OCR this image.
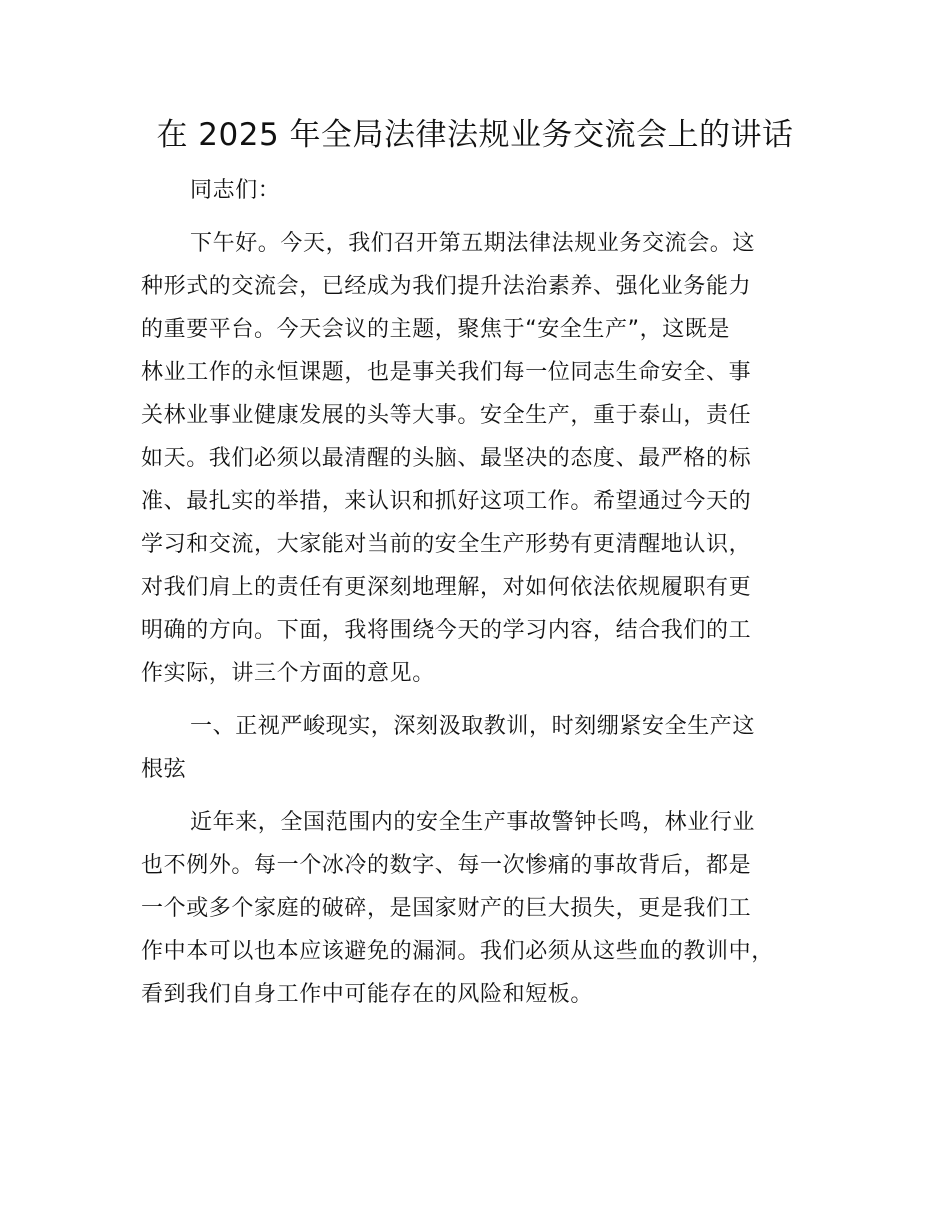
在 2025 年全局法律法规业务交流会上的讲话
同志们：
下午好。今天，我们召开第五期法律法规业务交流会。这
种形式的交流会，已经成为我们提升法治素养、强化业务能力
的重要平台。今天会议的主题，聚焦于“安全生产”，这既是
林业工作的永恒课题，也是事关我们每一位同志生命安全、事
关林业事业健康发展的头等大事。安全生产，重于泰山，责任
如天。我们必须以最清醒的头脑、最坚决的态度、最严格的标
准、最扎实的举措，来认识和抓好这项工作。希望通过今天的
学习和交流，大家能对当前的安全生产形势有更清醒地认识，
对我们肩上的责任有更深刻地理解，对如何依法依规履职有更
明确的方向。下面，我将围绕今天的学习内容，结合我们的工
作实际，讲三个方面的意见。
一、正视严峻现实，深刻汲取教训，时刻绷紧安全生产这
根弦
近年来，全国范围内的安全生产事故警钟长鸣，林业行业
也不例外。每一个冰冷的数字、每一次惨痛的事故背后，都是
一个或多个家庭的破碎，是国家财产的巨大损失，更是我们工
作中本可以也本应该避免的漏洞。我们必须从这些血的教训中，
看到我们自身工作中可能存在的风险和短板。
